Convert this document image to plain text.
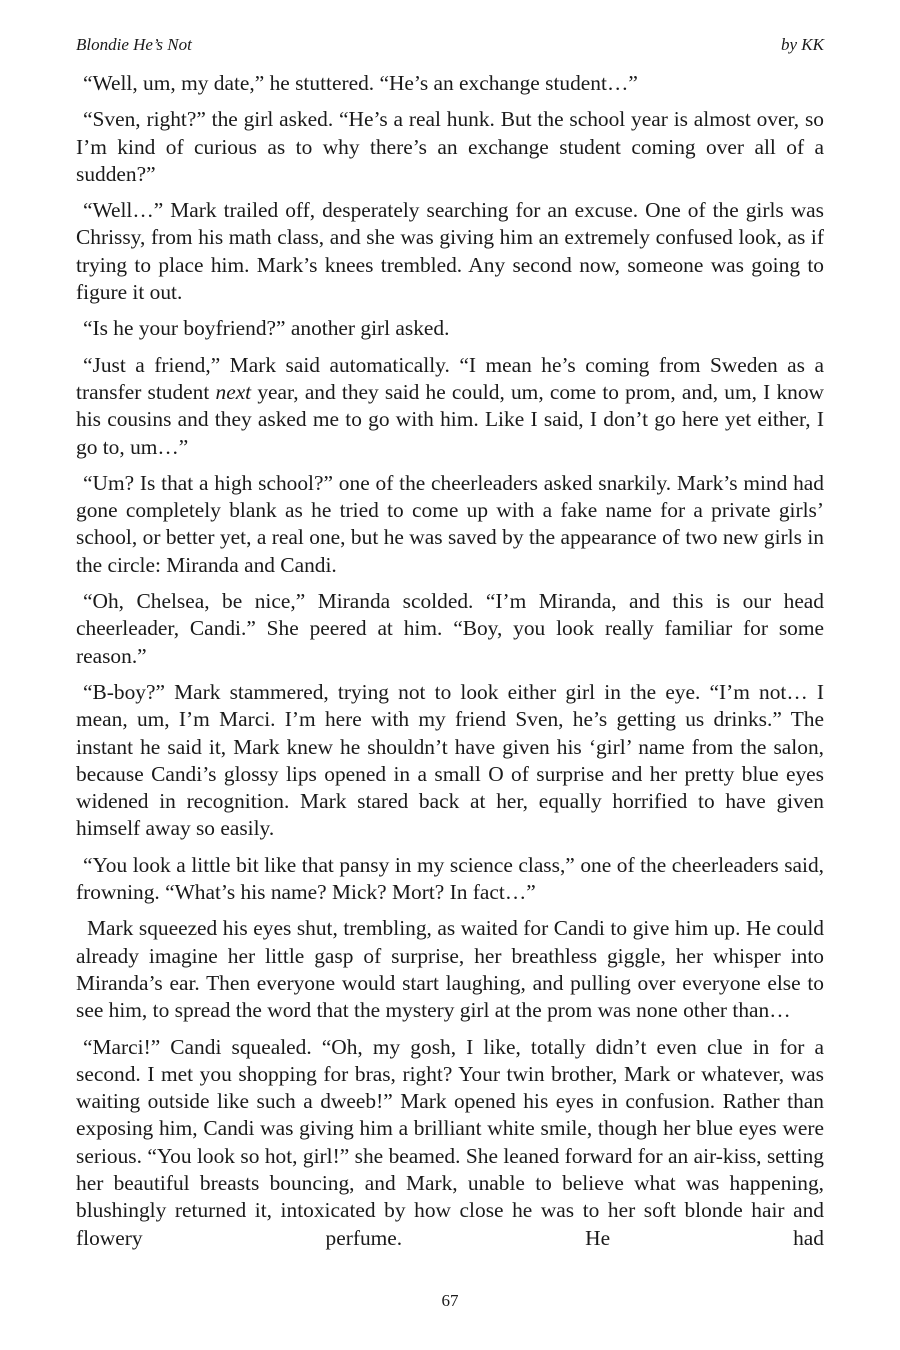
Blondie He’s Not	by KK

“Well, um, my date,” he stuttered. “He’s an exchange student…”

“Sven, right?” the girl asked. “He’s a real hunk. But the school year is almost over, so I’m kind of curious as to why there’s an exchange student coming over all of a sudden?”

“Well…” Mark trailed off, desperately searching for an excuse. One of the girls was Chrissy, from his math class, and she was giving him an extremely confused look, as if trying to place him. Mark’s knees trembled. Any second now, someone was going to figure it out.

“Is he your boyfriend?” another girl asked.

“Just a friend,” Mark said automatically. “I mean he’s coming from Sweden as a transfer student next year, and they said he could, um, come to prom, and, um, I know his cousins and they asked me to go with him. Like I said, I don’t go here yet either, I go to, um…”

“Um? Is that a high school?” one of the cheerleaders asked snarkily. Mark’s mind had gone completely blank as he tried to come up with a fake name for a private girls’ school, or better yet, a real one, but he was saved by the appearance of two new girls in the circle: Miranda and Candi.

“Oh, Chelsea, be nice,” Miranda scolded. “I’m Miranda, and this is our head cheerleader, Candi.” She peered at him. “Boy, you look really familiar for some reason.”

“B-boy?” Mark stammered, trying not to look either girl in the eye. “I’m not… I mean, um, I’m Marci. I’m here with my friend Sven, he’s getting us drinks.” The instant he said it, Mark knew he shouldn’t have given his ‘girl’ name from the salon, because Candi’s glossy lips opened in a small O of surprise and her pretty blue eyes widened in recognition. Mark stared back at her, equally horrified to have given himself away so easily.

“You look a little bit like that pansy in my science class,” one of the cheerleaders said, frowning. “What’s his name? Mick? Mort? In fact…”

Mark squeezed his eyes shut, trembling, as waited for Candi to give him up. He could already imagine her little gasp of surprise, her breathless giggle, her whisper into Miranda’s ear. Then everyone would start laughing, and pulling over everyone else to see him, to spread the word that the mystery girl at the prom was none other than…

“Marci!” Candi squealed. “Oh, my gosh, I like, totally didn’t even clue in for a second. I met you shopping for bras, right? Your twin brother, Mark or whatever, was waiting outside like such a dweeb!” Mark opened his eyes in confusion. Rather than exposing him, Candi was giving him a brilliant white smile, though her blue eyes were serious. “You look so hot, girl!” she beamed. She leaned forward for an air-kiss, setting her beautiful breasts bouncing, and Mark, unable to believe what was happening, blushingly returned it, intoxicated by how close he was to her soft blonde hair and flowery perfume. He had

67
